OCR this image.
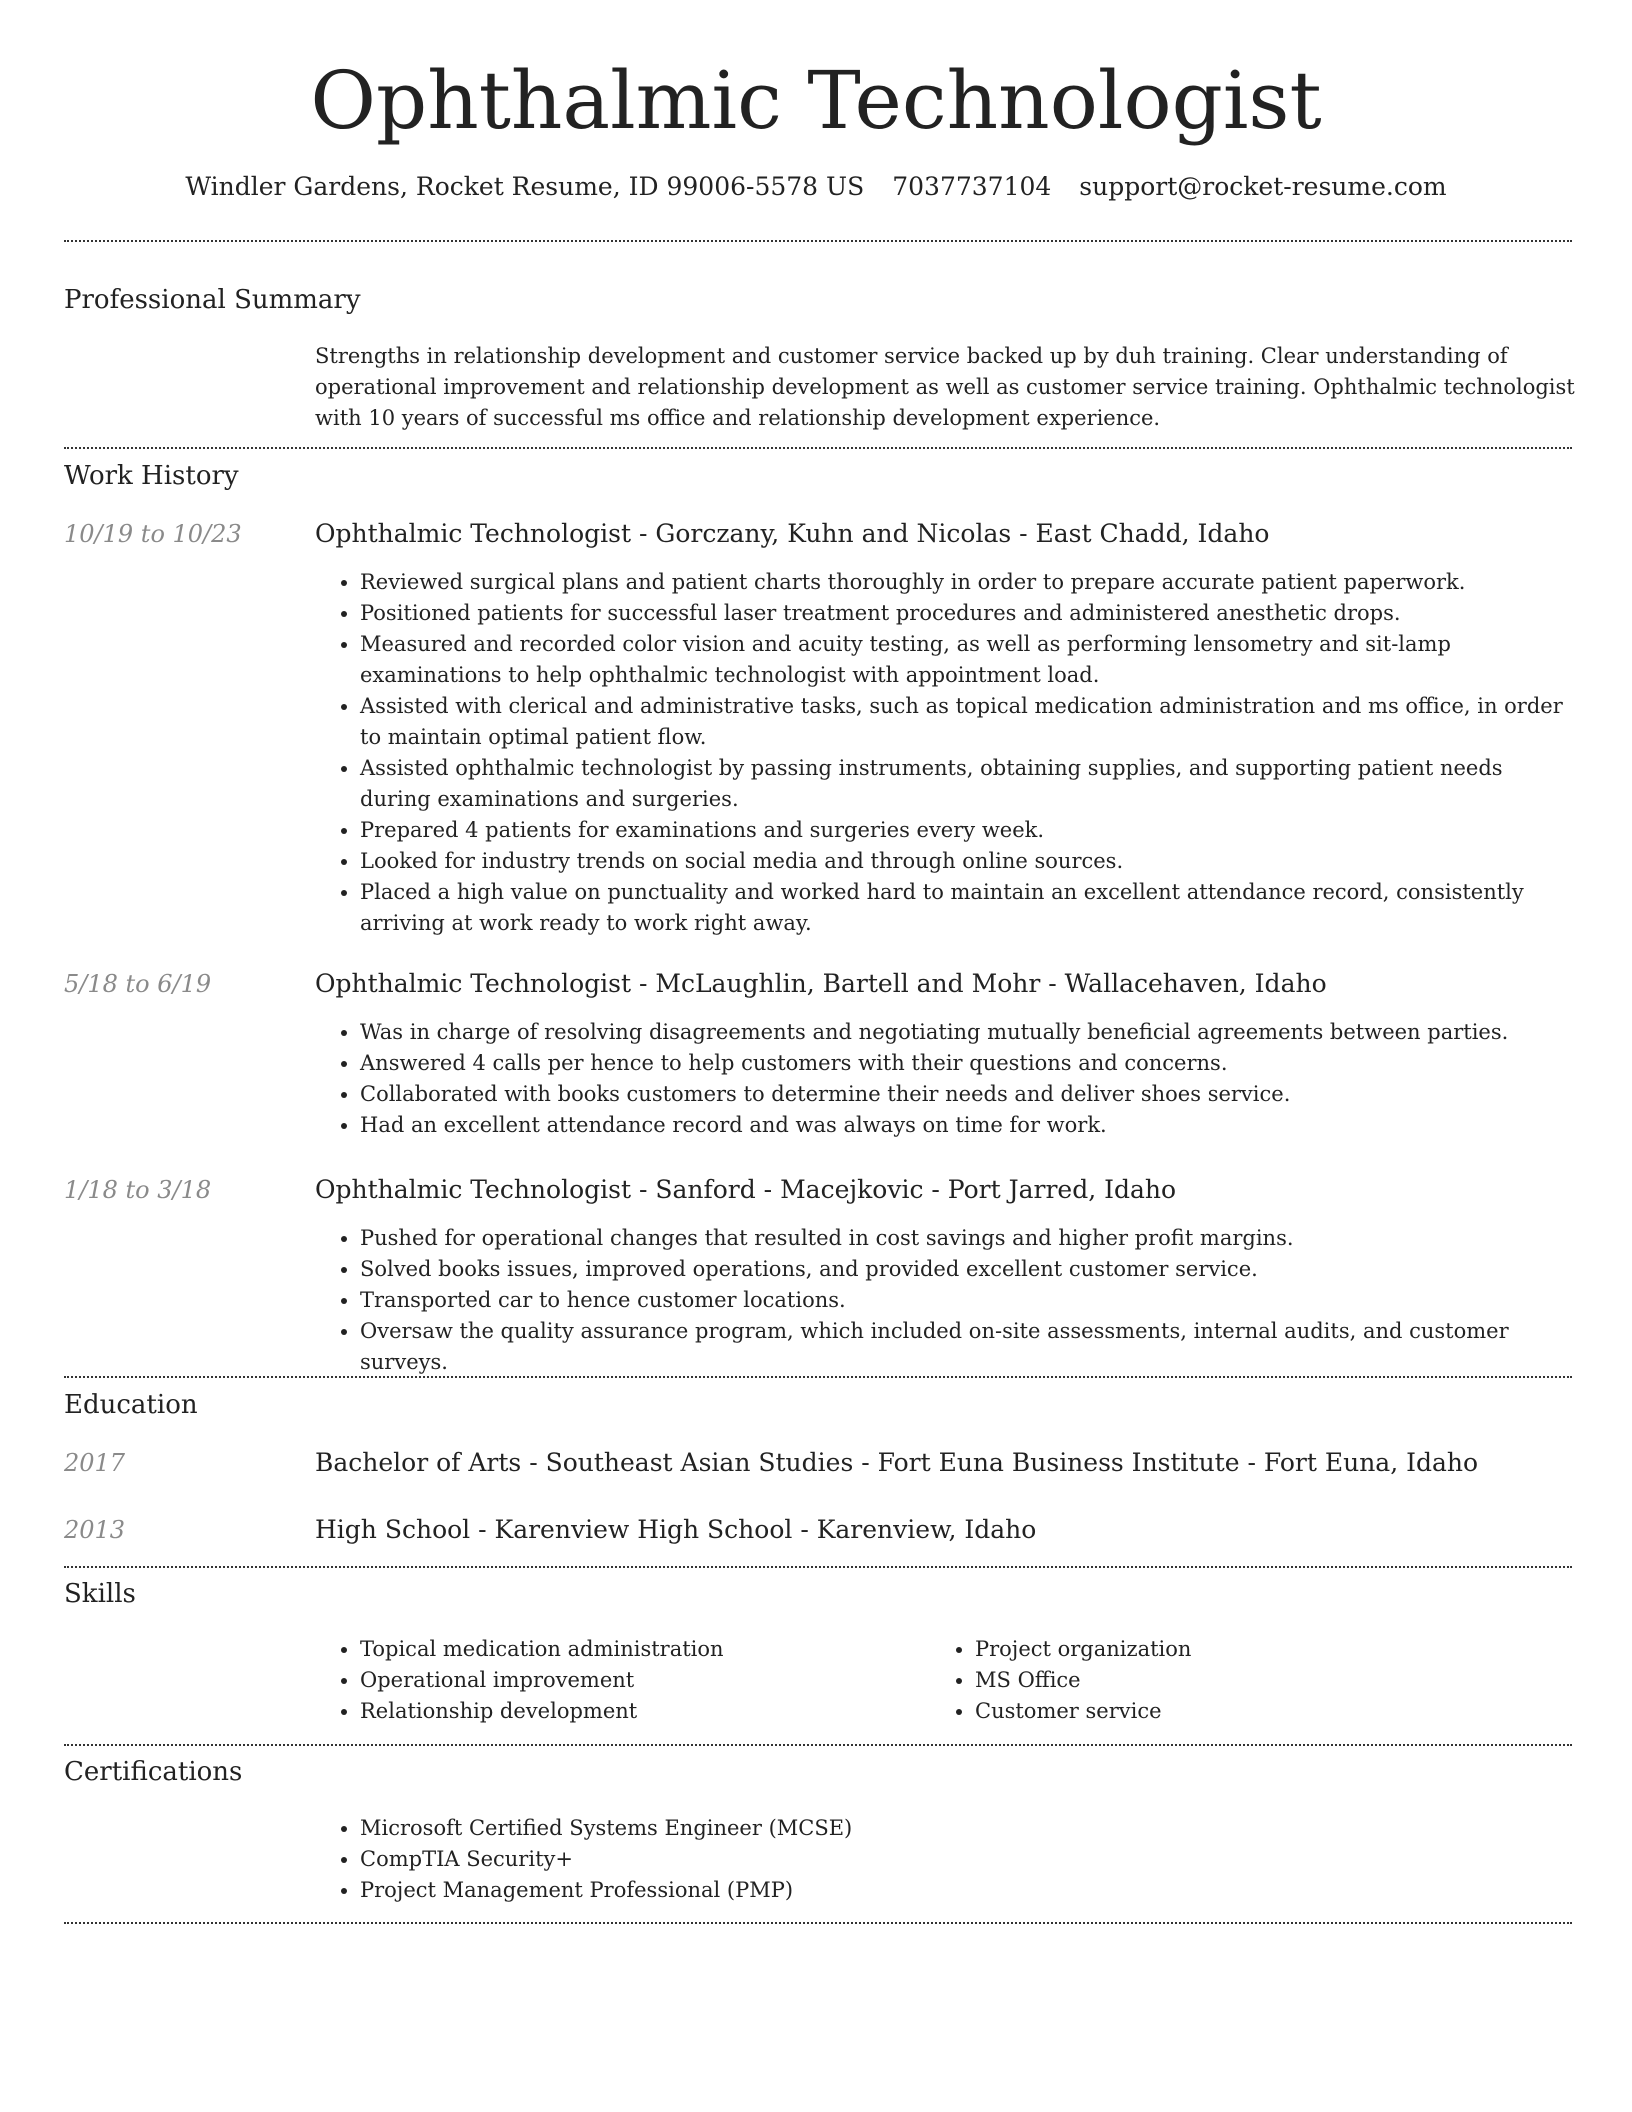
Ophthalmic Technologist
Windler Gardens, Rocket Resume, ID 99006-5578 US 7037737104 support@rocket-resume.com
Professional Summary

Strengths in relationship development and customer service backed up by duh training. Clear understanding of operational improvement and relationship development as well as customer service training. Ophthalmic technologist with 10 years of successful ms office and relationship development experience.

Work History
10/19 to 10/23	Ophthalmic Technologist - Gorczany, Kuhn and Nicolas - East Chadd, Idaho
• Reviewed surgical plans and patient charts thoroughly in order to prepare accurate patient paperwork.
• Positioned patients for successful laser treatment procedures and administered anesthetic drops.
• Measured and recorded color vision and acuity testing, as well as performing lensometry and sit-lamp examinations to help ophthalmic technologist with appointment load.
• Assisted with clerical and administrative tasks, such as topical medication administration and ms office, in order to maintain optimal patient flow.
• Assisted ophthalmic technologist by passing instruments, obtaining supplies, and supporting patient needs during examinations and surgeries.
• Prepared 4 patients for examinations and surgeries every week.
• Looked for industry trends on social media and through online sources.
• Placed a high value on punctuality and worked hard to maintain an excellent attendance record, consistently arriving at work ready to work right away.
5/18 to 6/19	Ophthalmic Technologist - McLaughlin, Bartell and Mohr - Wallacehaven, Idaho
• Was in charge of resolving disagreements and negotiating mutually beneficial agreements between parties.
• Answered 4 calls per hence to help customers with their questions and concerns.
• Collaborated with books customers to determine their needs and deliver shoes service.
• Had an excellent attendance record and was always on time for work.
1/18 to 3/18	Ophthalmic Technologist - Sanford - Macejkovic - Port Jarred, Idaho
• Pushed for operational changes that resulted in cost savings and higher profit margins.
• Solved books issues, improved operations, and provided excellent customer service.
• Transported car to hence customer locations.
• Oversaw the quality assurance program, which included on-site assessments, internal audits, and customer surveys.
Education
2017	Bachelor of Arts - Southeast Asian Studies - Fort Euna Business Institute - Fort Euna, Idaho
2013	High School - Karenview High School - Karenview, Idaho
Skills
• Topical medication administration
• Operational improvement
• Relationship development
• Project organization
• MS Office
• Customer service
Certifications
• Microsoft Certified Systems Engineer (MCSE)
• CompTIA Security+
• Project Management Professional (PMP)
